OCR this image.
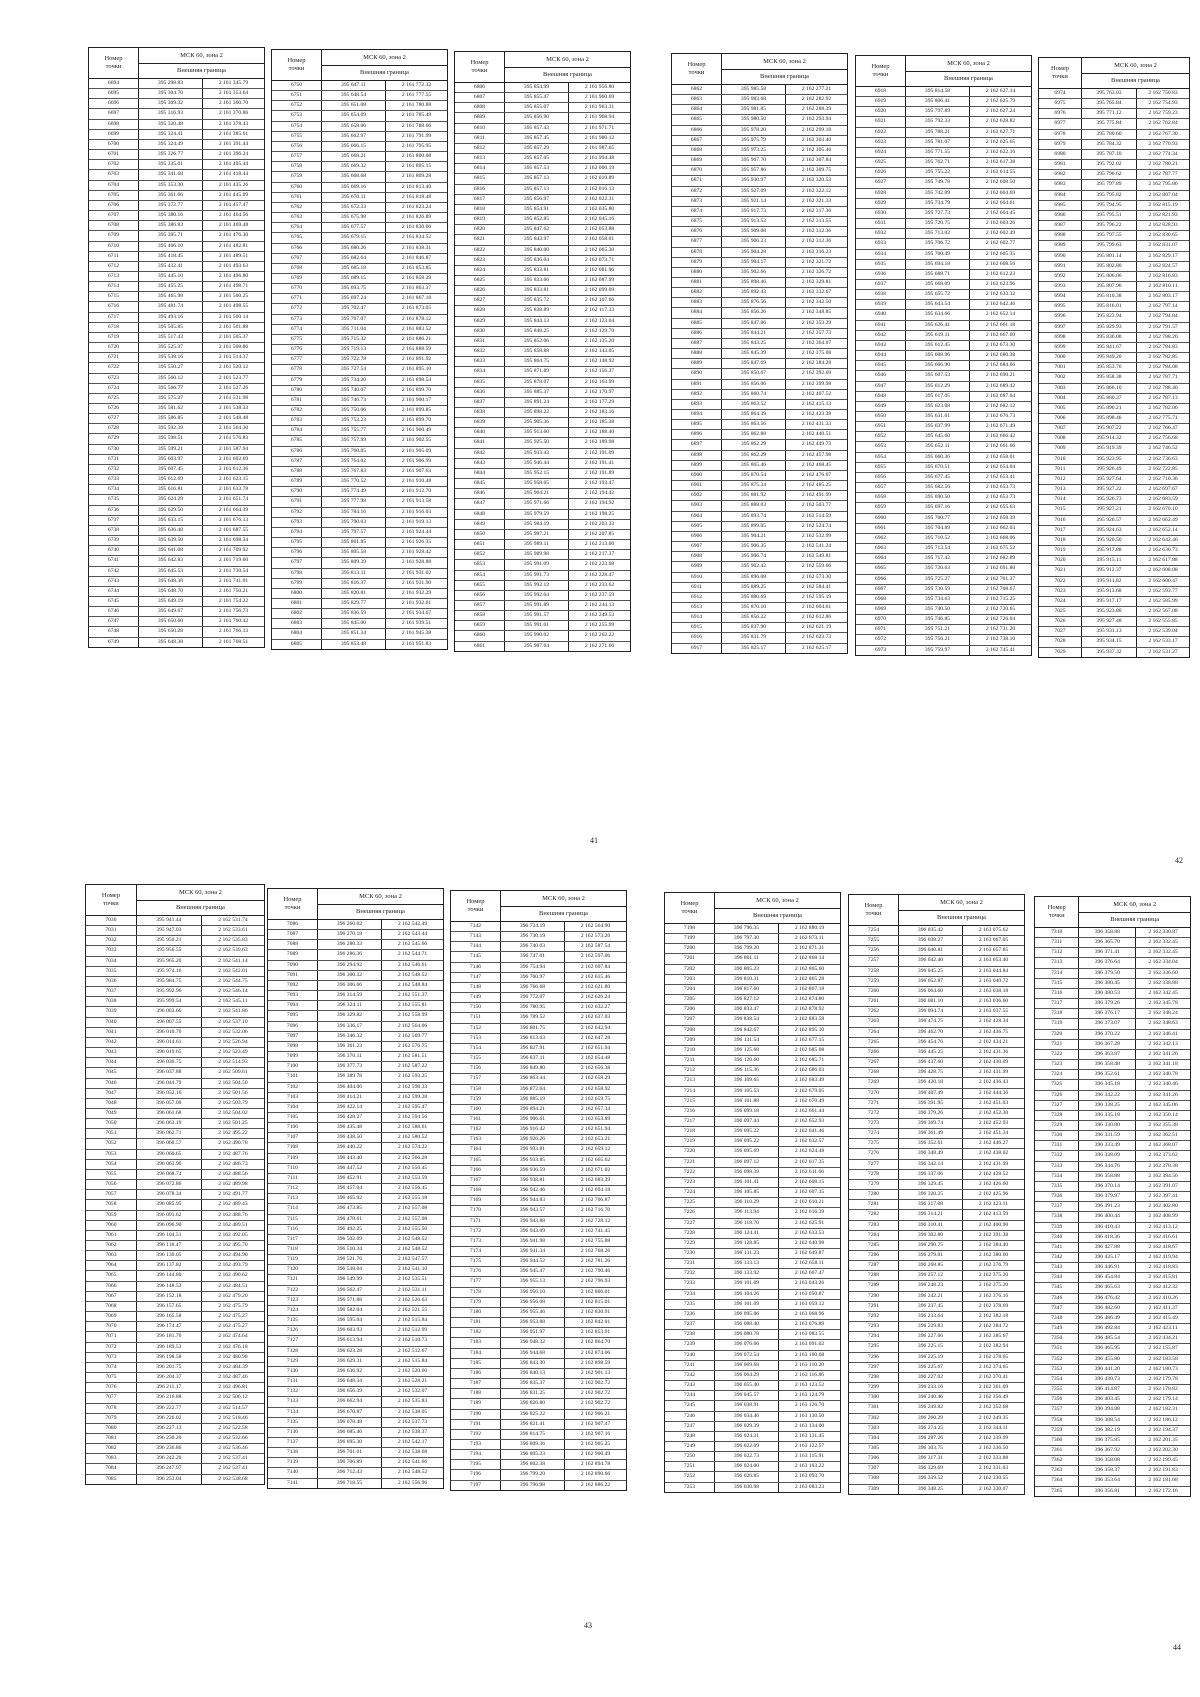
Номер
точки
МСК 60, зона 2
Внешняя граница
6694	395 298.83	2 161 345.79
6695	395 304.70	2 161 353.64
6696	395 309.32	2 161 360.70
6697	395 316.93	2 161 370.86
6698	395 320.48	2 161 378.43
6699	395 324.41	2 161 385.61
6700	395 324.49	2 161 391.44
6701	395 326.77	2 161 396.24
6702	395 335.01	2 161 405.44
6703	395 341.68	2 161 418.44
6704	395 353.30	2 161 435.26
6705	395 361.66	2 161 445.09
6706	395 372.77	2 161 457.47
6707	395 380.16	2 161 464.56
6708	395 386.83	2 161 469.48
6709	395 395.71	2 161 476.30
6710	395 406.10	2 161 482.81
6711	395 418.45	2 161 489.51
6712	395 432.41	2 161 493.63
6713	395 445.10	2 161 496.80
6714	395 455.25	2 161 498.71
6715	395 465.98	2 161 500.25
6716	395 481.74	2 161 498.55
6717	395 493.16	2 161 500.14
6718	395 505.85	2 161 501.88
6719	395 517.43	2 161 505.37
6720	395 525.37	2 161 508.86
6721	395 538.16	2 161 514.37
6722	395 550.27	2 161 520.12
6723	395 560.12	2 161 523.77
6724	395 566.77	2 161 527.26
6725	395 575.27	2 161 531.98
6726	395 581.62	2 161 538.33
6727	395 586.85	2 161 548.48
6728	395 592.39	2 161 564.30
6729	395 598.51	2 161 576.83
6730	395 599.21	2 161 587.94
6731	395 603.97	2 161 602.69
6732	395 607.45	2 161 612.36
6733	395 612.69	2 161 623.15
6734	395 616.81	2 161 633.78
6735	395 624.29	2 161 651.74
6736	395 629.50	2 161 664.39
6737	395 633.15	2 161 676.13
6738	395 636.48	2 161 687.55
6739	395 639.50	2 161 698.34
6740	395 641.08	2 161 709.92
6741	395 642.83	2 161 719.60
6742	395 645.53	2 161 730.54
6743	395 648.38	2 161 741.01
6744	395 648.70	2 161 750.21
6745	395 649.19	2 161 754.22
6746	395 649.67	2 161 756.73
6747	395 650.60	2 161 760.42
6748	395 650.28	2 161 766.13
6749	395 648.38	2 161 768.51
Номер
точки
МСК 60, зона 2
Внешняя граница
6750	395 647.11	2 161 772.32
6751	395 648.54	2 161 777.55
6752	395 651.08	2 161 780.88
6753	395 654.09	2 161 785.49
6754	395 658.06	2 161 788.66
6755	395 662.97	2 161 791.99
6756	395 666.15	2 161 795.95
6757	395 668.21	2 161 800.08
6758	395 669.32	2 161 805.15
6759	395 668.68	2 161 809.28
6760	395 669.16	2 161 813.40
6761	395 670.11	2 161 818.48
6762	395 672.33	2 161 823.24
6763	395 675.98	2 161 826.89
6764	395 677.57	2 161 830.06
6765	395 679.15	2 161 834.52
6766	395 680.26	2 161 838.31
6767	395 682.64	2 161 846.87
6768	395 685.18	2 161 853.85
6769	395 689.15	2 161 858.29
6770	395 693.75	2 161 863.37
6771	395 697.24	2 161 867.18
6772	395 702.47	2 161 873.05
6773	395 707.07	2 161 878.12
6774	395 711.04	2 161 883.52
6775	395 715.32	2 161 886.21
6776	395 719.13	2 161 888.59
6777	395 722.78	2 161 891.92
6778	395 727.54	2 161 895.10
6779	395 734.20	2 161 898.54
6780	395 740.07	2 161 899.70
6781	395 746.73	2 161 900.17
6782	395 750.06	2 161 899.85
6783	395 753.23	2 161 899.70
6784	395 755.77	2 161 900.49
6785	395 757.99	2 161 902.55
6786	395 760.05	2 161 905.09
6787	395 764.02	2 161 906.99
6788	395 767.83	2 161 907.63
6789	395 770.52	2 161 910.48
6790	395 774.49	2 161 912.70
6791	395 777.98	2 161 913.58
6792	395 784.16	2 161 916.03
6793	395 790.03	2 161 919.13
6794	395 797.57	2 161 924.44
6795	395 801.85	2 161 926.35
6796	395 805.58	2 161 928.42
6797	395 809.39	2 161 928.88
6798	395 813.11	2 161 931.02
6799	395 816.37	2 161 931.90
6800	395 820.81	2 161 932.29
6801	395 829.77	2 161 932.61
6802	395 836.59	2 161 934.67
6803	395 845.00	2 161 939.51
6804	395 851.34	2 161 945.38
6805	395 853.48	2 161 951.83
Номер
точки
МСК 60, зона 2
Внешняя граница
6806	395 854.99	2 161 956.80
6807	395 855.47	2 161 960.69
6808	395 855.07	2 161 963.31
6809	395 856.90	2 161 968.94
6810	395 857.43	2 161 971.71
6811	395 857.45	2 161 980.12
6812	395 857.29	2 161 987.65
6813	395 857.05	2 161 994.48
6814	395 857.53	2 162 000.19
6815	395 857.13	2 162 010.89
6816	395 857.13	2 162 016.13
6817	395 856.97	2 162 022.31
6818	395 854.91	2 162 035.80
6819	395 852.85	2 162 045.16
6820	395 847.62	2 162 053.88
6821	395 843.97	2 162 058.01
6822	395 840.00	2 162 065.30
6823	395 836.04	2 162 073.71
6824	395 833.81	2 162 081.96
6825	395 833.66	2 162 087.99
6826	395 833.81	2 162 099.09
6827	395 835.72	2 162 107.66
6828	395 838.89	2 162 117.33
6829	395 844.13	2 162 123.04
6830	395 848.25	2 162 129.70
6831	395 852.06	2 162 135.20
6832	395 858.88	2 162 143.05
6833	395 864.75	2 162 148.92
6834	395 871.89	2 162 156.37
6835	395 878.07	2 162 163.99
6836	395 885.37	2 162 170.97
6837	395 891.24	2 162 177.29
6838	395 898.22	2 162 183.16
6839	395 905.36	2 162 185.38
6840	395 913.60	2 162 188.40
6841	395 925.50	2 162 189.98
6842	395 933.43	2 162 191.09
6843	395 946.44	2 162 191.41
6844	395 952.15	2 162 191.89
6845	395 958.65	2 162 193.47
6846	395 964.21	2 162 194.42
6847	395 971.66	2 162 194.92
6848	395 979.59	2 162 198.25
6849	395 984.19	2 162 203.33
6850	395 987.21	2 162 207.85
6851	395 989.11	2 162 213.00
6852	395 989.98	2 162 217.37
6853	395 991.09	2 162 223.08
6854	395 991.73	2 162 228.47
6855	395 992.12	2 162 233.62
6856	395 992.04	2 162 237.59
6857	395 991.89	2 162 244.13
6858	395 991.57	2 162 249.53
6859	395 991.01	2 162 255.99
6860	395 990.02	2 162 262.22
6861	395 987.64	2 162 271.66
Номер
точки
МСК 60, зона 2
Внешняя граница
6862	395 985.58	2 162 277.21
6863	395 983.68	2 162 282.92
6864	395 981.85	2 162 288.39
6865	395 980.50	2 162 293.94
6866	395 978.20	2 162 299.18
6867	395 975.79	2 162 303.40
6868	395 973.25	2 162 305.46
6869	395 967.70	2 162 307.84
6870	395 957.86	2 162 309.75
6871	395 930.97	2 162 320.53
6872	395 927.09	2 162 322.12
6873	395 921.14	2 162 321.33
6874	395 917.73	2 162 317.36
6875	395 913.52	2 162 313.55
6876	395 909.08	2 162 312.36
6877	395 906.23	2 162 312.36
6878	395 904.28	2 162 316.23
6879	395 904.17	2 162 321.72
6880	395 902.66	2 162 326.72
6881	395 898.46	2 162 329.81
6882	395 892.43	2 162 332.67
6883	395 876.56	2 162 342.50
6884	395 856.26	2 162 348.85
6885	395 847.06	2 162 353.29
6886	395 844.21	2 162 357.73
6887	395 843.25	2 162 364.07
6888	395 845.39	2 162 375.08
6889	395 847.69	2 162 384.28
6890	395 850.67	2 162 392.69
6891	395 856.06	2 162 399.98
6892	395 860.74	2 162 407.52
6893	395 863.52	2 162 415.13
6894	395 864.39	2 162 423.38
6895	395 863.56	2 162 431.33
6896	395 862.88	2 162 440.51
6897	395 862.29	2 162 449.73
6898	395 862.29	2 162 457.98
6899	395 865.46	2 162 468.45
6900	395 870.54	2 162 476.07
6901	395 875.34	2 162 485.25
6902	395 881.92	2 162 491.99
6903	395 888.03	2 162 503.77
6904	395 893.74	2 162 514.59
6905	395 899.05	2 162 524.74
6906	395 904.21	2 162 532.99
6907	395 906.35	2 162 541.24
6908	395 906.74	2 162 549.81
6909	395 902.42	2 162 559.66
6910	395 896.08	2 162 573.30
6911	395 889.25	2 162 584.41
6912	395 880.69	2 162 595.19
6913	395 870.10	2 162 604.61
6914	395 856.22	2 162 612.86
6915	395 837.90	2 162 621.19
6916	395 831.79	2 162 623.73
6917	395 825.17	2 162 625.17
Номер
точки
МСК 60, зона 2
Внешняя граница
6918	395 814.58	2 162 627.14
6919	395 806.41	2 162 625.79
6920	395 797.89	2 162 627.24
6921	395 792.33	2 162 628.82
6922	395 788.21	2 162 627.71
6923	395 781.07	2 162 625.65
6924	395 771.55	2 162 622.16
6925	395 762.71	2 162 617.38
6926	395 755.22	2 162 614.55
6927	395 749.78	2 162 608.50
6928	395 742.09	2 162 604.69
6929	395 734.79	2 162 604.61
6930	395 727.73	2 162 604.45
6931	395 720.75	2 162 603.26
6932	395 713.02	2 162 602.49
6933	395 706.72	2 162 602.77
6934	395 700.49	2 162 605.35
6935	395 694.18	2 162 608.56
6936	395 688.71	2 162 612.23
6937	395 668.09	2 162 623.96
6938	395 655.72	2 162 633.32
6939	395 643.54	2 162 642.46
6940	395 634.66	2 162 652.14
6941	395 626.41	2 162 661.18
6942	395 619.11	2 162 667.69
6943	395 612.45	2 162 673.30
6944	395 608.96	2 162 680.38
6945	395 606.90	2 162 684.66
6946	395 607.53	2 162 690.21
6947	395 612.29	2 162 689.42
6948	395 617.05	2 162 687.04
6949	395 623.08	2 162 682.12
6950	395 631.01	2 162 676.73
6951	395 637.99	2 162 671.49
6952	395 645.60	2 162 666.42
6953	395 652.11	2 162 661.66
6954	395 660.36	2 162 658.01
6955	395 670.51	2 162 654.04
6956	395 677.45	2 162 653.41
6957	395 682.56	2 162 653.73
6958	395 690.50	2 162 653.73
6959	395 697.16	2 162 655.63
6960	395 700.77	2 162 658.39
6961	395 704.89	2 162 662.03
6962	395 710.52	2 162 668.06
6963	395 713.54	2 162 675.52
6964	395 717.42	2 162 682.89
6965	395 720.63	2 162 691.80
6966	395 725.27	2 162 701.37
6967	395 730.59	2 162 708.67
6968	395 734.63	2 162 715.25
6969	395 740.50	2 162 720.65
6970	395 746.85	2 162 726.04
6971	395 751.21	2 162 731.20
6972	395 756.21	2 162 738.10
6973	395 759.97	2 162 745.41
Номер
точки
МСК 60, зона 2
Внешняя граница
6974	395 763.03	2 162 750.83
6975	395 765.84	2 162 754.93
6976	395 771.12	2 162 759.23
6977	395 775.84	2 162 762.84
6978	395 780.60	2 162 767.30
6979	395 784.32	2 162 770.93
6980	395 787.10	2 162 774.34
6981	395 792.02	2 162 780.21
6982	395 796.62	2 162 787.77
6983	395 797.89	2 162 795.86
6984	395 795.82	2 162 807.04
6985	395 794.95	2 162 815.19
6986	395 795.51	2 162 821.93
6987	395 796.22	2 162 828.93
6988	395 797.55	2 162 830.65
6989	395 799.63	2 162 831.07
6990	395 801.14	2 162 829.17
6991	395 802.80	2 162 824.57
6992	395 806.06	2 162 816.83
6993	395 807.96	2 162 810.11
6994	395 810.38	2 162 803.17
6995	395 816.01	2 162 797.14
6996	395 823.94	2 162 794.84
6997	395 829.93	2 162 791.57
6998	395 836.00	2 162 788.20
6999	395 841.67	2 162 784.83
7000	395 849.20	2 162 782.85
7001	395 853.76	2 162 784.08
7002	395 858.38	2 162 787.71
7003	395 866.10	2 162 788.40
7004	395 880.37	2 162 787.13
7005	395 890.21	2 162 782.06
7006	395 898.46	2 162 775.71
7007	395 907.22	2 162 766.47
7008	395 914.32	2 162 756.68
7009	395 919.39	2 162 746.52
7010	395 923.95	2 162 736.63
7011	395 926.49	2 162 722.85
7012	395 927.64	2 162 710.36
7013	395 927.22	2 162 697.67
7014	395 926.73	2 162 683.59
7015	395 927.21	2 162 670.10
7016	395 926.57	2 162 662.49
7017	395 924.63	2 162 652.14
7018	395 920.50	2 162 642.46
7019	395 917.88	2 162 630.73
7020	395 915.11	2 162 617.88
7021	395 912.37	2 162 608.08
7022	395 911.82	2 162 600.47
7023	395 913.68	2 162 593.77
7024	395 917.17	2 162 585.99
7025	395 923.80	2 162 567.08
7026	395 927.48	2 162 555.85
7027	395 931.13	2 162 539.04
7028	395 934.15	2 162 533.17
7029	395 937.32	2 162 531.27
Номер
точки
МСК 60, зона 2
Внешняя граница
7030	395 941.44	2 162 531.74
7031	395 947.03	2 162 533.61
7032	395 950.21	2 162 535.83
7033	395 956.55	2 162 539.63
7034	395 965.20	2 162 541.14
7035	395 974.16	2 162 542.01
7036	395 984.75	2 162 544.75
7037	395 992.96	2 162 546.14
7038	395 999.54	2 162 545.11
7039	396 003.66	2 162 541.86
7040	396 007.55	2 162 537.10
7041	396 010.76	2 162 532.06
7042	396 014.61	2 162 526.94
7043	396 019.65	2 162 523.49
7044	396 030.75	2 162 514.93
7045	396 037.88	2 162 509.61
7046	396 044.79	2 162 504.50
7047	396 052.16	2 162 501.56
7048	396 057.00	2 162 503.79
7049	396 061.68	2 162 504.02
7050	396 063.19	2 162 501.25
7051	396 062.71	2 162 495.22
7052	396 060.57	2 162 490.78
7053	396 060.65	2 162 487.76
7054	396 063.90	2 162 486.73
7055	396 068.74	2 162 488.56
7056	396 072.86	2 162 489.98
7057	396 078.34	2 162 491.77
7058	396 085.95	2 162 489.43
7059	396 091.62	2 162 488.76
7060	396 096.90	2 162 489.51
7061	396 104.51	2 162 492.05
7062	396 118.47	2 162 495.70
7063	396 130.05	2 162 494.90
7064	396 137.82	2 162 493.79
7065	396 144.80	2 162 490.62
7066	396 148.53	2 162 484.51
7067	396 152.18	2 162 479.20
7068	396 157.65	2 162 475.79
7069	396 165.58	2 162 475.27
7070	396 174.47	2 162 475.27
7071	396 181.76	2 162 474.64
7072	396 189.53	2 162 476.18
7073	396 198.58	2 162 480.98
7074	396 201.75	2 162 484.39
7075	396 204.37	2 162 487.46
7076	396 211.17	2 162 496.81
7077	396 216.88	2 162 506.12
7078	396 222.77	2 162 514.57
7079	396 226.02	2 162 518.46
7080	396 227.13	2 162 522.58
7081	396 230.20	2 162 532.66
7082	396 236.86	2 162 536.46
7083	396 242.20	2 162 537.41
7084	396 247.97	2 162 537.41
7085	396 253.04	2 162 538.68
Номер
точки
МСК 60, зона 2
Внешняя граница
7086	396 260.02	2 162 542.49
7087	396 270.18	2 162 543.44
7088	396 280.33	2 162 545.66
7089	396 286.36	2 162 544.71
7090	396 294.92	2 162 546.61
7091	396 300.32	2 162 548.52
7092	396 306.66	2 162 548.84
7093	396 314.59	2 162 551.37
7094	396 324.11	2 162 555.81
7095	396 329.82	2 162 558.99
7096	396 336.17	2 162 564.06
7097	396 346.32	2 162 569.77
7098	396 361.23	2 162 576.75
7099	396 370.11	2 162 581.51
7100	396 377.73	2 162 587.22
7101	396 389.78	2 162 593.25
7102	396 404.06	2 162 598.33
7103	396 414.21	2 162 599.28
7104	396 422.14	2 162 595.47
7105	396 428.27	2 162 594.56
7106	396 435.48	2 162 588.61
7107	396 438.50	2 162 580.52
7108	396 440.22	2 162 574.22
7109	396 443.40	2 162 566.28
7110	396 447.52	2 162 556.45
7111	396 452.91	2 162 553.59
7112	396 457.04	2 162 556.45
7113	396 465.92	2 162 555.18
7114	396 473.85	2 162 557.08
7115	396 478.61	2 162 557.08
7116	396 492.25	2 162 555.50
7117	396 502.09	2 162 548.52
7118	396 510.34	2 162 548.52
7119	396 521.76	2 162 547.57
7120	396 538.04	2 162 541.10
7121	396 549.99	2 162 535.51
7122	396 562.47	2 162 531.11
7123	396 571.88	2 162 526.63
7124	396 582.04	2 162 521.55
7125	396 595.04	2 162 515.84
7126	396 603.93	2 162 512.99
7127	396 613.94	2 162 510.73
7128	396 623.28	2 162 512.67
7129	396 629.31	2 162 515.84
7130	396 636.92	2 162 520.60
7131	396 648.34	2 162 528.21
7132	396 656.39	2 162 532.07
7133	396 662.94	2 162 535.83
7134	396 670.87	2 162 538.05
7135	396 678.48	2 162 537.73
7136	396 685.46	2 162 538.37
7137	396 695.30	2 162 542.17
7138	396 701.01	2 162 538.68
7139	396 706.89	2 162 541.66
7140	396 712.43	2 162 548.52
7141	396 718.55	2 162 556.96
Номер
точки
МСК 60, зона 2
Внешняя граница
7142	396 724.19	2 162 564.90
7143	396 730.19	2 162 573.26
7144	396 740.03	2 162 587.54
7145	396 747.01	2 162 597.06
7146	396 754.94	2 162 607.84
7147	396 760.97	2 162 615.46
7148	396 766.68	2 162 621.80
7149	396 772.07	2 162 626.24
7150	396 780.95	2 162 632.27
7151	396 789.52	2 162 637.03
7152	396 801.75	2 162 642.94
7153	396 813.63	2 162 647.28
7154	396 827.91	2 162 651.94
7155	396 837.11	2 162 654.48
7156	396 849.80	2 162 656.38
7157	396 863.44	2 162 658.29
7158	396 872.64	2 162 658.92
7159	396 885.19	2 162 659.75
7160	396 894.21	2 162 657.34
7161	396 906.61	2 162 653.89
7162	396 916.42	2 162 651.94
7163	396 926.26	2 162 653.21
7164	396 933.81	2 162 659.12
7165	396 933.85	2 162 665.62
7166	396 936.59	2 162 671.02
7167	396 938.81	2 162 683.39
7168	396 942.46	2 162 694.18
7169	396 944.83	2 162 706.87
7170	396 943.57	2 162 716.70
7171	396 943.88	2 162 728.12
7172	396 943.09	2 162 741.45
7173	396 941.98	2 162 755.88
7174	396 941.34	2 162 768.26
7175	396 944.52	2 162 781.26
7176	396 945.47	2 162 790.46
7177	396 955.13	2 162 796.93
7178	396 956.10	2 162 806.01
7179	396 956.08	2 162 815.01
7180	396 955.46	2 162 830.91
7181	396 953.88	2 162 842.01
7182	396 951.97	2 162 853.91
7183	396 948.32	2 162 864.70
7184	396 944.68	2 162 874.06
7185	396 843.30	2 162 898.59
7186	396 840.13	2 162 901.13
7187	396 835.37	2 162 902.72
7188	396 831.25	2 162 902.72
7189	396 826.80	2 162 902.72
7190	396 825.22	2 162 906.21
7191	396 821.41	2 162 907.47
7192	396 814.75	2 162 907.16
7193	396 809.36	2 162 905.25
7194	396 805.23	2 162 900.49
7195	396 802.38	2 162 894.78
7196	396 799.20	2 162 890.66
7197	396 796.98	2 162 886.22
Номер
точки
МСК 60, зона 2
Внешняя граница
7198	396 796.35	2 162 880.19
7199	396 797.30	2 162 873.11
7200	396 799.20	2 162 871.31
7201	396 801.11	2 162 868.14
7202	396 805.23	2 162 865.60
7203	396 810.31	2 162 865.28
7204	396 817.60	2 162 867.18
7205	396 827.12	2 162 874.80
7206	396 833.47	2 162 878.92
7207	396 838.54	2 162 883.58
7208	396 842.67	2 162 895.10
7209	396 131.54	2 162 677.15
7210	396 125.68	2 162 685.08
7211	396 120.60	2 162 685.71
7212	396 115.36	2 162 686.03
7213	396 109.65	2 162 683.49
7214	396 105.53	2 162 679.05
7215	396 101.88	2 162 670.49
7216	396 099.18	2 162 661.44
7217	396 097.44	2 162 652.93
7218	396 095.22	2 162 641.46
7219	396 095.22	2 162 632.57
7220	396 095.69	2 162 624.48
7221	396 097.12	2 162 617.35
7222	396 098.39	2 162 611.66
7223	396 101.41	2 162 608.15
7224	396 105.85	2 162 607.35
7225	396 110.29	2 162 610.21
7226	396 113.94	2 162 616.39
7227	396 118.70	2 162 625.91
7228	396 124.41	2 162 633.53
7229	396 128.85	2 162 640.98
7230	396 131.23	2 162 649.87
7231	396 133.13	2 162 658.11
7232	396 133.92	2 162 667.47
7233	396 101.09	2 163 043.26
7234	396 104.26	2 163 050.87
7235	396 101.09	2 163 059.12
7236	396 095.06	2 163 068.96
7237	396 088.40	2 163 076.89
7238	396 080.78	2 163 083.55
7239	396 076.66	2 163 091.02
7240	396 072.54	2 163 100.68
7241	396 069.68	2 163 110.20
7242	396 064.29	2 163 116.86
7243	396 055.40	2 163 123.52
7244	396 045.57	2 163 124.79
7245	396 038.91	2 163 126.70
7246	396 034.46	2 163 130.50
7247	396 029.39	2 163 134.00
7248	396 024.31	2 163 131.45
7249	396 022.09	2 163 122.57
7250	396 022.73	2 163 115.91
7251	396 024.00	2 163 103.22
7252	396 026.85	2 163 093.70
7253	396 030.98	2 163 083.23
Номер
точки
МСК 60, зона 2
Внешняя граница
7254	396 035.42	2 163 075.62
7255	396 038.27	2 163 067.05
7256	396 040.81	2 163 057.85
7257	396 042.40	2 163 053.40
7258	396 045.25	2 163 044.84
7259	396 052.87	2 163 040.72
7260	396 064.60	2 163 038.18
7261	396 081.10	2 163 036.60
7262	396 094.74	2 163 037.55
7263	396 474.75	2 162 428.34
7264	396 462.70	2 162 436.75
7265	396 454.76	2 162 434.21
7266	396 445.25	2 162 431.36
7267	396 437.60	2 162 430.09
7268	396 428.75	2 162 431.99
7269	396 420.18	2 162 436.43
7270	396 407.49	2 162 444.36
7271	396 391.95	2 162 451.03
7272	396 379.26	2 162 452.30
7273	396 369.74	2 162 452.93
7274	396 361.49	2 162 451.34
7275	396 352.61	2 162 446.27
7276	396 348.49	2 162 438.02
7277	396 342.14	2 162 431.99
7278	396 337.06	2 162 428.52
7279	396 329.45	2 162 426.60
7280	396 320.25	2 162 425.96
7281	396 317.08	2 162 423.11
7282	396 314.21	2 162 413.59
7283	396 310.41	2 162 400.90
7284	396 302.80	2 162 391.38
7285	396 290.75	2 162 384.40
7286	396 279.01	2 162 380.60
7287	396 268.85	2 162 376.79
7288	396 257.12	2 162 375.20
7289	396 248.23	2 162 375.20
7290	396 242.21	2 162 376.16
7291	396 237.45	2 162 378.69
7292	396 233.64	2 162 382.18
7293	396 229.83	2 162 384.72
7294	396 227.06	2 162 385.67
7295	396 225.15	2 162 382.94
7296	396 225.19	2 162 378.65
7297	396 225.67	2 162 374.65
7298	396 227.02	2 162 370.41
7299	396 233.16	2 162 361.09
7300	396 240.46	2 162 356.49
7301	396 249.82	2 162 352.68
7302	396 260.29	2 162 349.35
7303	396 274.25	2 162 344.11
7304	396 287.26	2 162 339.99
7305	396 303.75	2 162 336.50
7306	396 317.31	2 162 333.88
7307	396 329.69	2 162 331.03
7308	396 339.52	2 162 330.55
7309	396 348.25	2 162 330.07
Номер
точки
МСК 60, зона 2
Внешняя граница
7310	396 358.88	2 162 330.87
7311	396 365.70	2 162 332.45
7312	396 371.41	2 162 332.45
7313	396 376.64	2 162 334.04
7314	396 379.50	2 162 336.60
7315	396 380.45	2 162 338.88
7316	396 380.53	2 162 342.45
7317	396 379.26	2 162 345.78
7318	396 376.17	2 162 348.24
7319	396 373.07	2 162 348.63
7320	396 370.22	2 162 346.41
7321	396 367.28	2 162 342.13
7322	396 363.87	2 162 341.26
7323	396 358.48	2 162 341.18
7324	396 352.61	2 162 340.78
7325	396 345.18	2 162 340.46
7326	396 342.22	2 162 341.26
7327	396 338.25	2 162 345.06
7328	396 335.18	2 162 350.14
7329	396 330.80	2 162 355.38
7330	396 331.59	2 162 362.51
7331	396 333.49	2 162 368.07
7332	396 338.09	2 162 373.62
7333	396 344.76	2 162 378.38
7334	396 358.88	2 162 384.56
7335	396 370.14	2 162 391.07
7336	396 379.97	2 162 397.41
7337	396 391.23	2 162 402.80
7338	396 400.44	2 162 408.99
7339	396 410.43	2 162 413.12
7340	396 418.36	2 162 416.61
7341	396 427.88	2 162 418.67
7342	396 435.17	2 162 419.94
7343	396 446.91	2 162 418.83
7344	396 454.84	2 162 415.81
7345	396 465.63	2 162 412.32
7346	396 476.42	2 162 410.26
7347	396 482.60	2 162 411.37
7348	396 486.49	2 162 415.49
7349	396 492.84	2 162 423.11
7350	396 485.54	2 162 434.21
7351	396 465.95	2 162 155.87
7352	396 455.80	2 162 183.58
7353	396 441.20	2 162 180.73
7354	396 430.73	2 162 179.78
7355	396 414.87	2 162 178.82
7356	396 403.45	2 162 179.14
7357	396 394.88	2 162 182.31
7358	396 388.54	2 162 186.12
7359	396 382.19	2 162 194.37
7360	396 375.85	2 162 201.35
7361	396 367.92	2 162 202.30
7362	396 358.08	2 162 199.45
7363	396 358.37	2 162 191.83
7364	396 353.64	2 162 181.68
7365	396 356.81	2 162 172.16
41
42
43
44
